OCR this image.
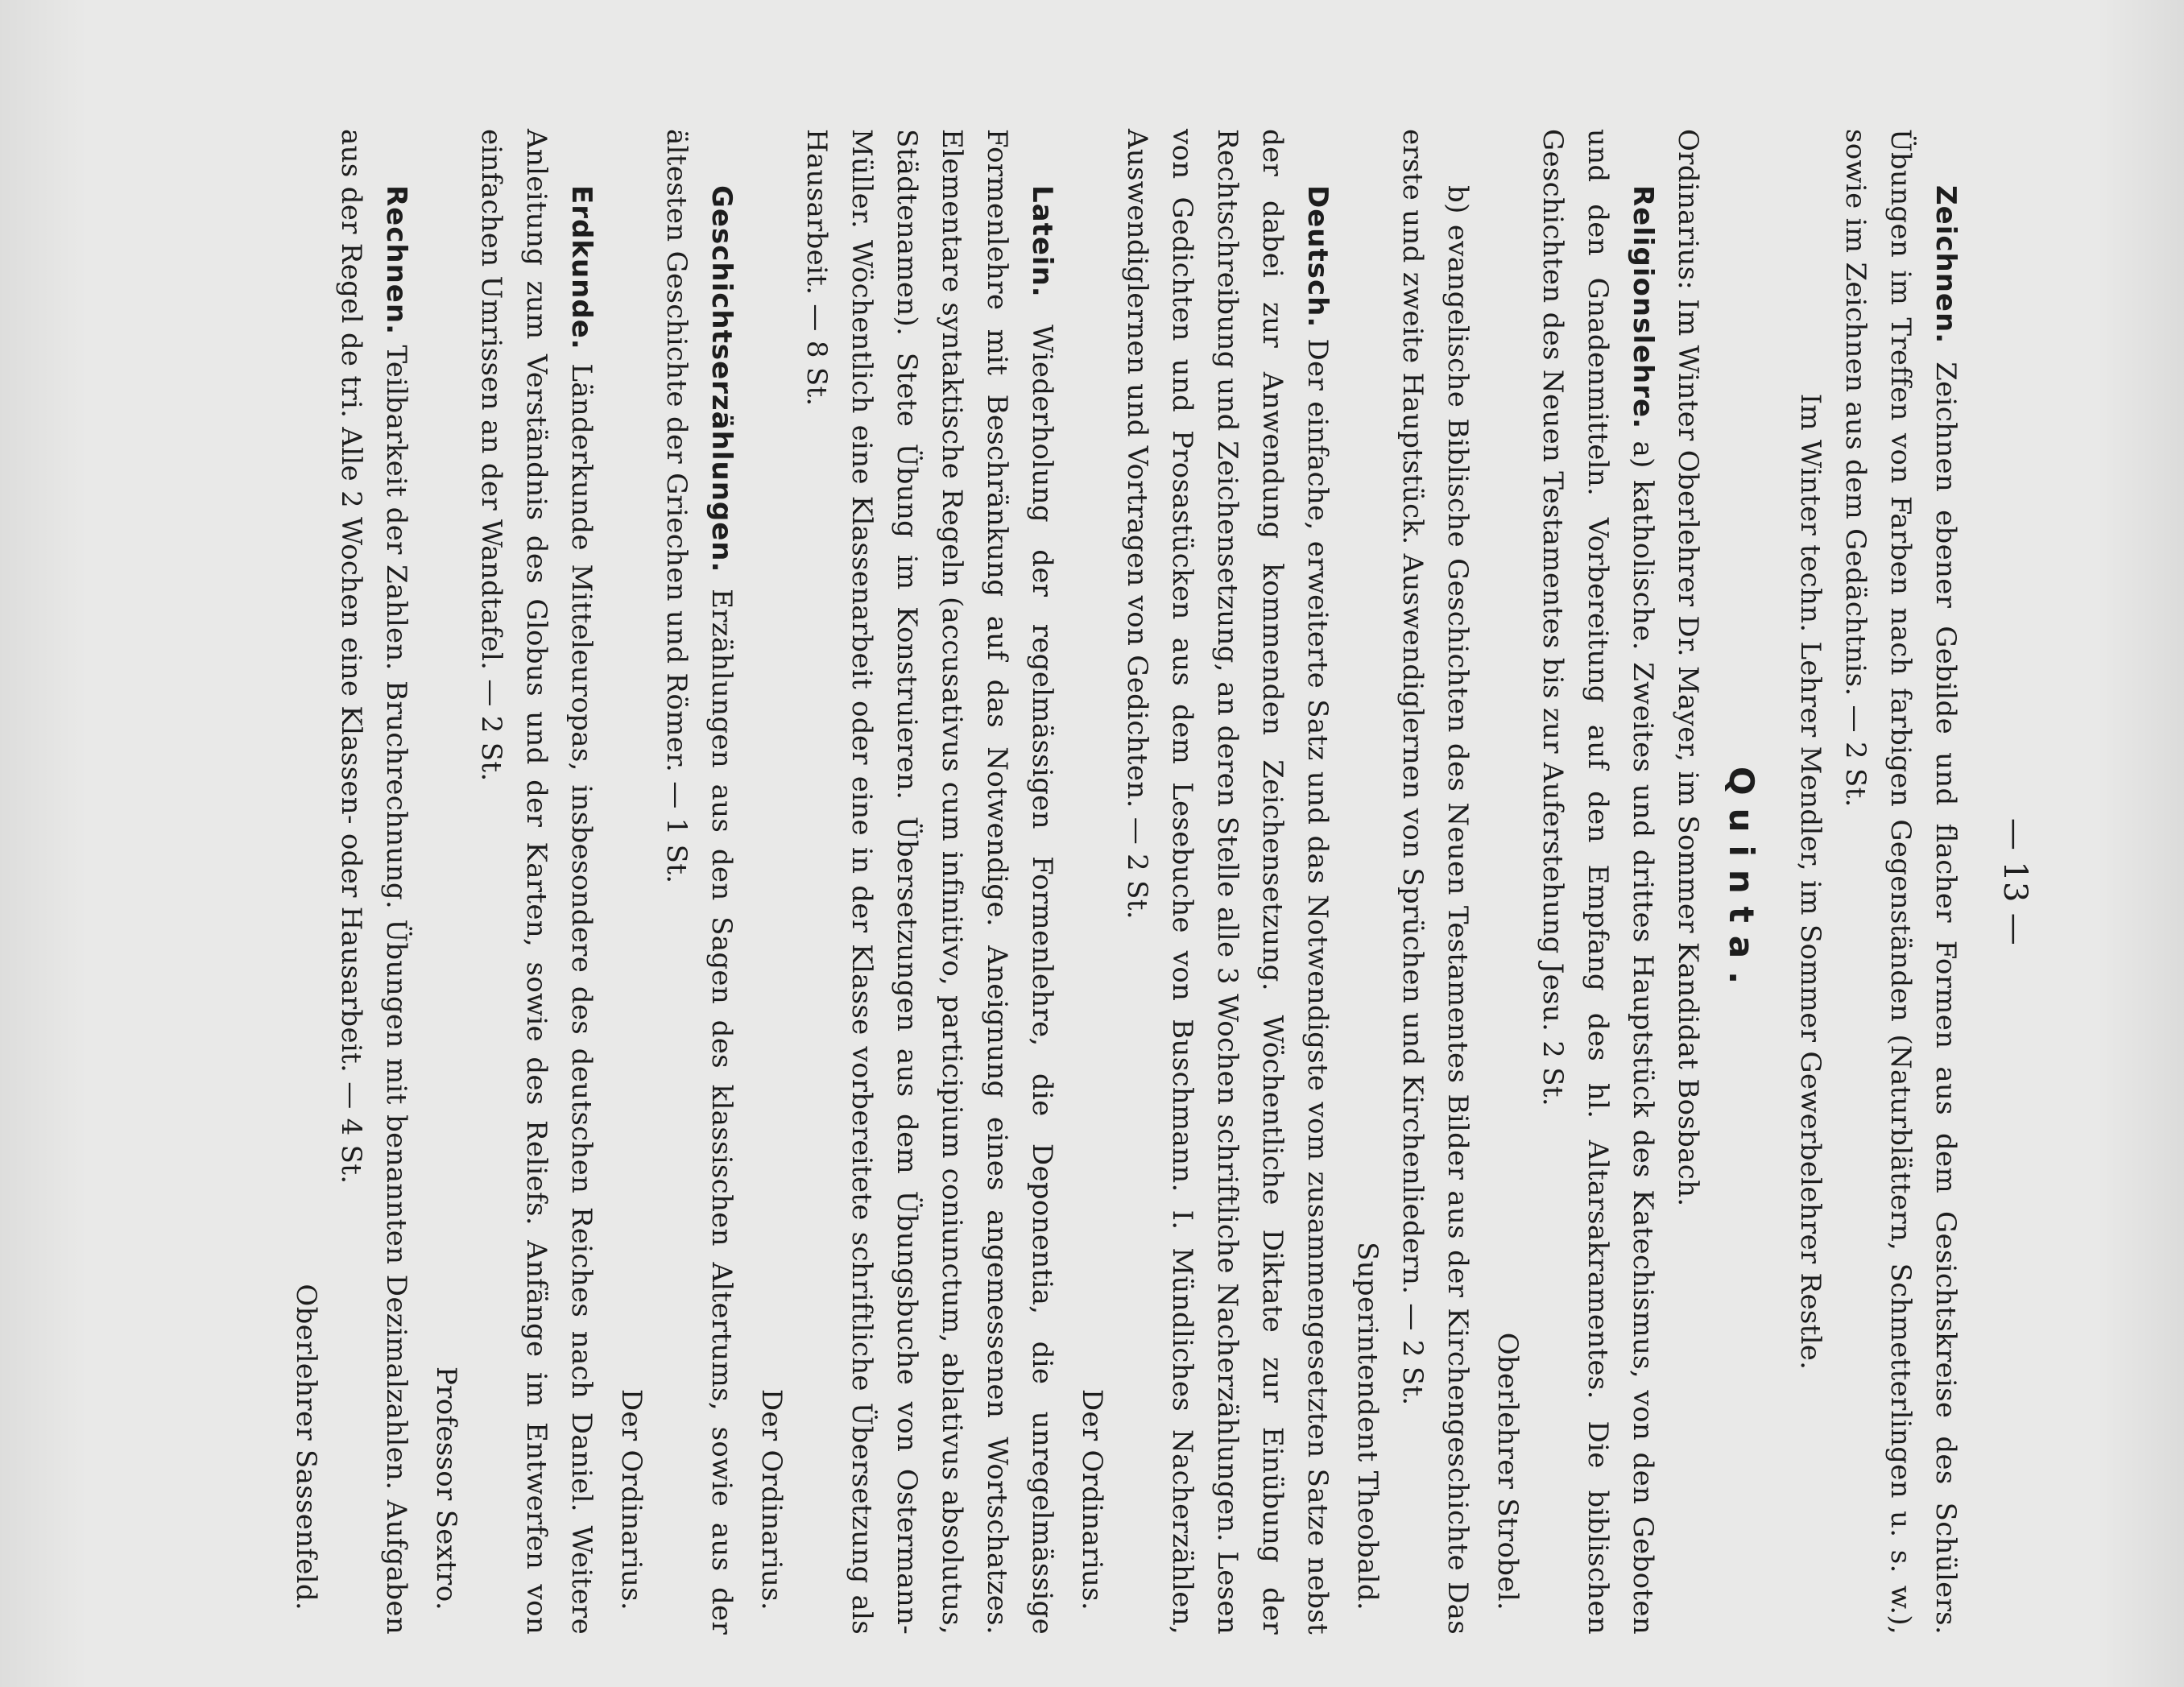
— 13 —

Zeichnen. Zeichnen ebener Gebilde und flacher Formen aus dem Gesichtskreise des Schülers. Übungen im Treffen von Farben nach farbigen Gegenständen (Naturblättern, Schmetterlingen u. s. w.), sowie im Zeichnen aus dem Gedächtnis. — 2 St.

Im Winter techn. Lehrer Mendler, im Sommer Gewerbelehrer Restle.

Quinta.

Ordinarius: Im Winter Oberlehrer Dr. Mayer, im Sommer Kandidat Bosbach.

Religionslehre. a) katholische. Zweites und drittes Hauptstück des Katechismus, von den Geboten und den Gnadenmitteln. Vorbereitung auf den Empfang des hl. Altarsakramentes. Die biblischen Geschichten des Neuen Testamentes bis zur Auferstehung Jesu. 2 St.

Oberlehrer Strobel.

b) evangelische Biblische Geschichten des Neuen Testamentes Bilder aus der Kirchengeschichte Das erste und zweite Hauptstück. Auswendiglernen von Sprüchen und Kirchenliedern. — 2 St.

Superintendent Theobald.

Deutsch. Der einfache, erweiterte Satz und das Notwendigste vom zusammengesetzten Satze nebst der dabei zur Anwendung kommenden Zeichensetzung. Wöchentliche Diktate zur Einübung der Rechtschreibung und Zeichensetzung, an deren Stelle alle 3 Wochen schriftliche Nacherzählungen. Lesen von Gedichten und Prosastücken aus dem Lesebuche von Buschmann. I. Mündliches Nacherzählen, Auswendiglernen und Vortragen von Gedichten. — 2 St.

Der Ordinarius.

Latein. Wiederholung der regelmässigen Formenlehre, die Deponentia, die unregelmässige Formenlehre mit Beschränkung auf das Notwendige. Aneignung eines angemessenen Wortschatzes. Elementare syntaktische Regeln (accusativus cum infinitivo, participium coniunctum, ablativus absolutus, Städtenamen). Stete Übung im Konstruieren. Übersetzungen aus dem Übungsbuche von Ostermann-Müller. Wöchentlich eine Klassenarbeit oder eine in der Klasse vorbereitete schriftliche Übersetzung als Hausarbeit. — 8 St.

Der Ordinarius.

Geschichtserzählungen. Erzählungen aus den Sagen des klassischen Altertums, sowie aus der ältesten Geschichte der Griechen und Römer. — 1 St.

Der Ordinarius.

Erdkunde. Länderkunde Mitteleuropas, insbesondere des deutschen Reiches nach Daniel. Weitere Anleitung zum Verständnis des Globus und der Karten, sowie des Reliefs. Anfänge im Entwerfen von einfachen Umrissen an der Wandtafel. — 2 St.

Professor Sextro.

Rechnen. Teilbarkeit der Zahlen. Bruchrechnung. Übungen mit benannten Dezimalzahlen. Aufgaben aus der Regel de tri. Alle 2 Wochen eine Klassen- oder Hausarbeit. — 4 St.

Oberlehrer Sassenfeld.
